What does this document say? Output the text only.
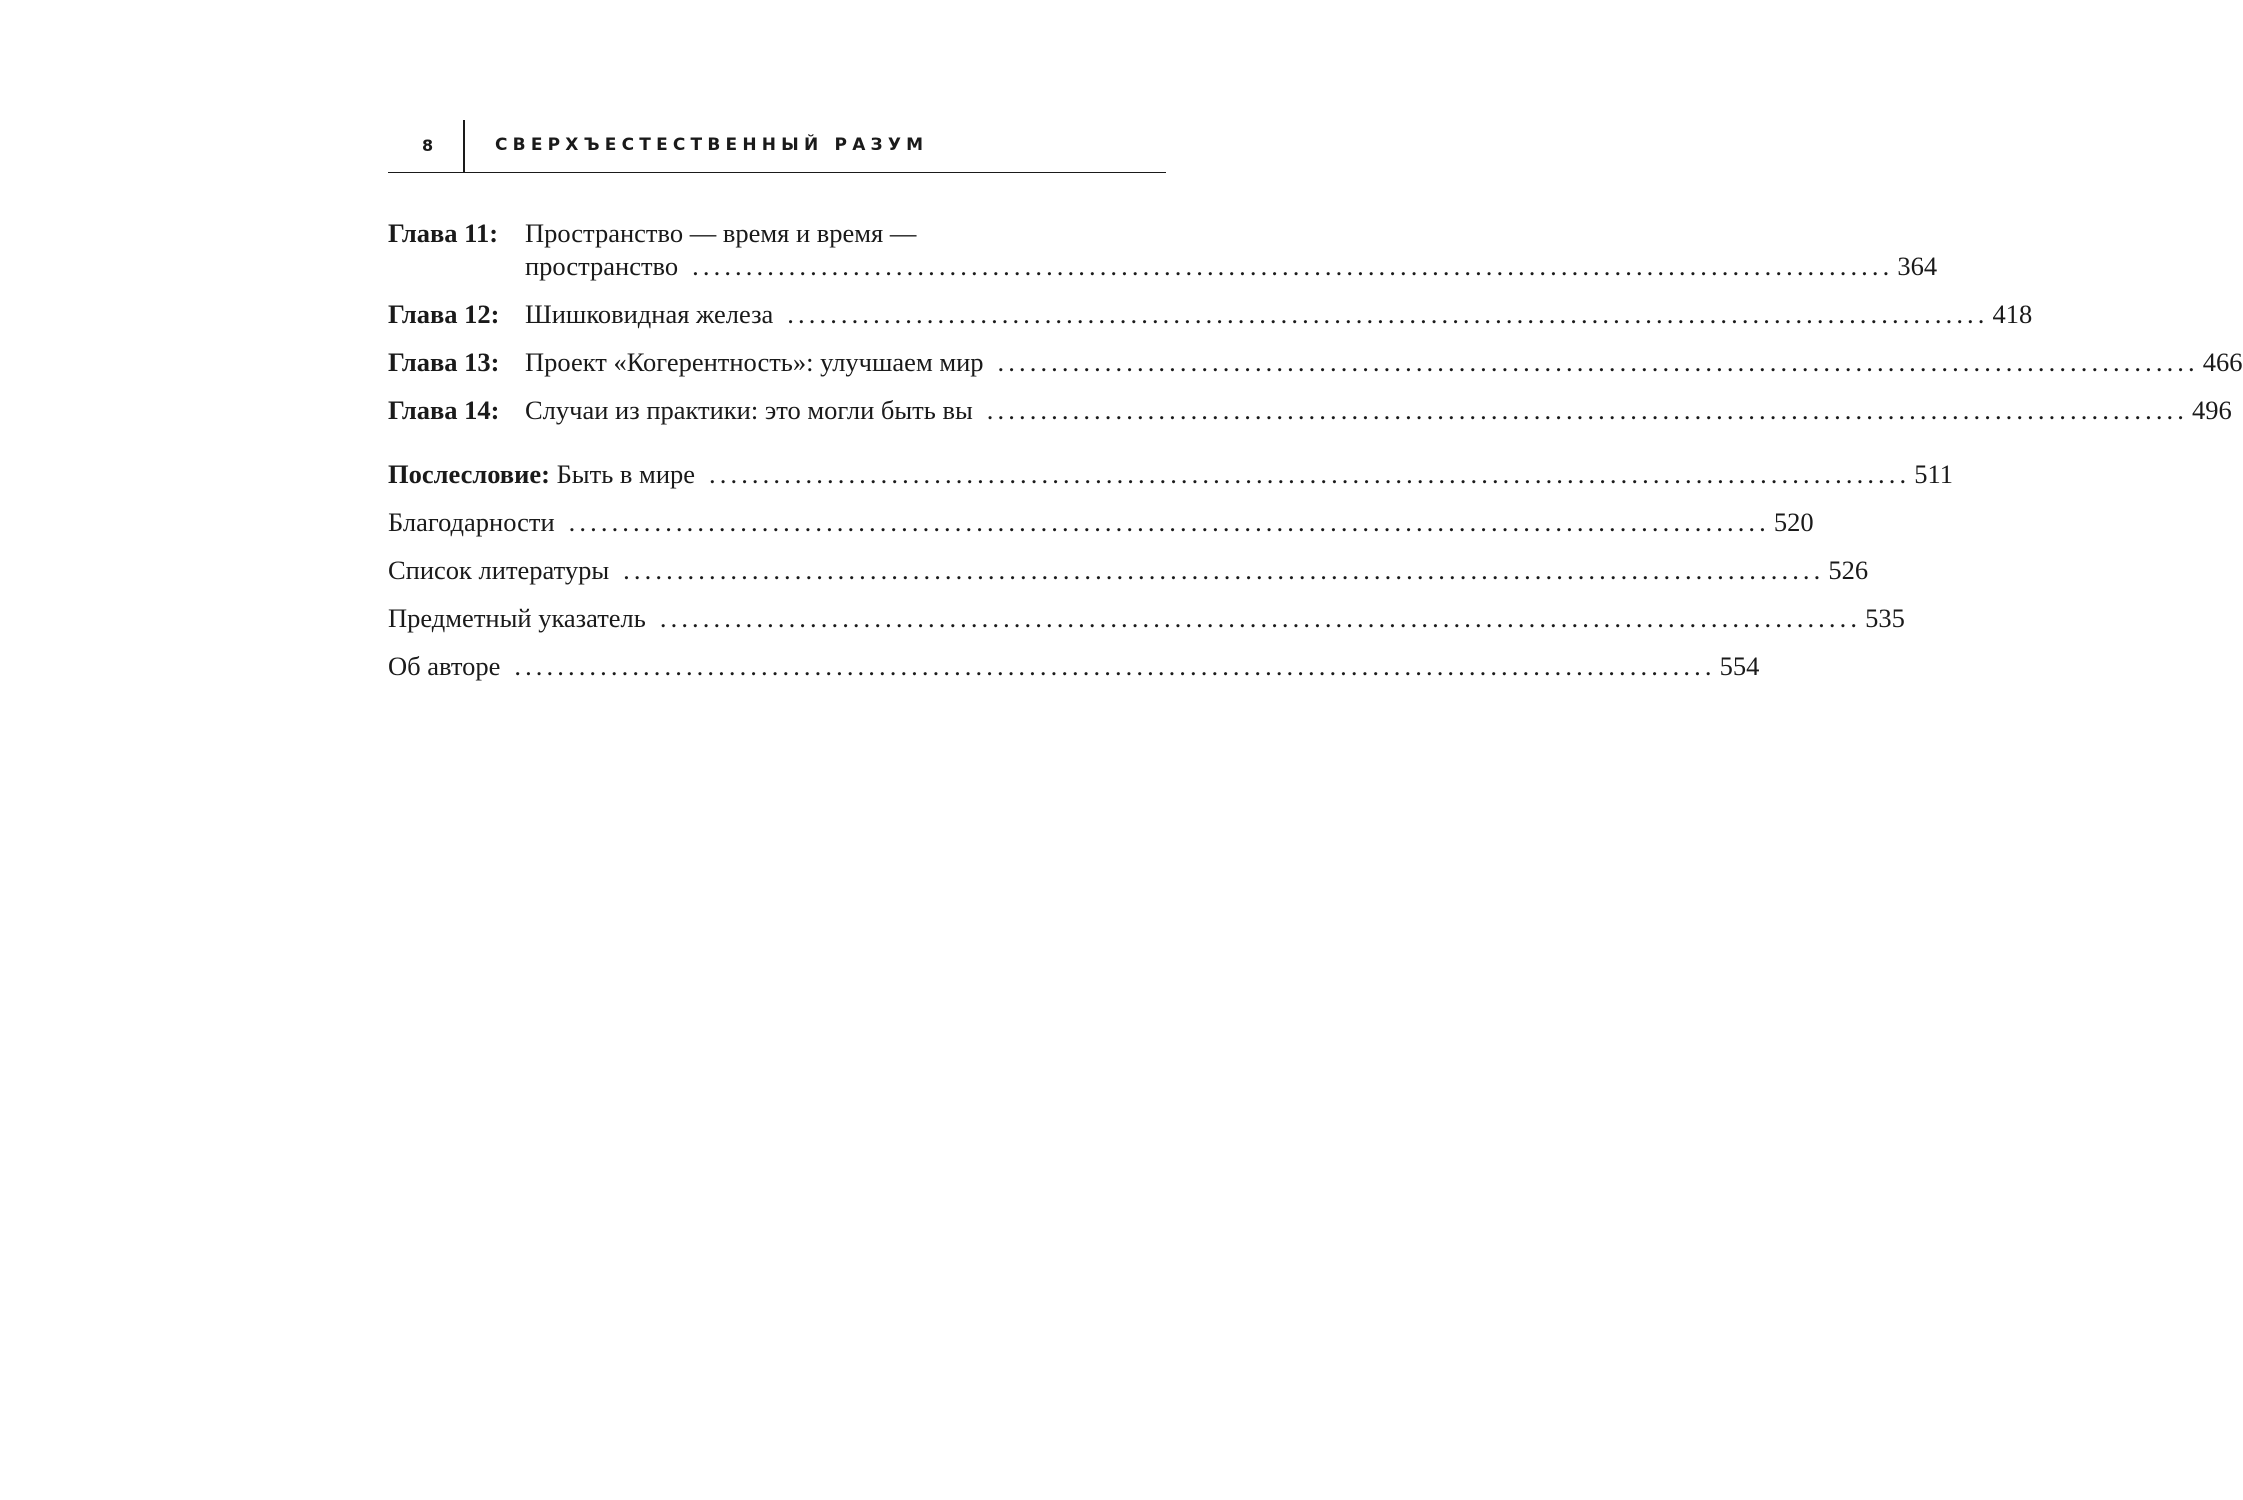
8	СВЕРХЪЕСТЕСТВЕННЫЙ РАЗУМ
Глава 11:	Пространство — время и время —
пространство ................................................................................................................ 364
Глава 12: Шишковидная железа ................................................................................................................ 418
Глава 13: Проект «Когерентность»: улучшаем мир ................................................................................................................ 466
Глава 14: Случаи из практики: это могли быть вы ................................................................................................................ 496
Послесловие:
Быть в мире ................................................................................................................ 511
Благодарности ................................................................................................................ 520
Список литературы ................................................................................................................ 526
Предметный указатель ................................................................................................................ 535
Об авторе ................................................................................................................ 554
